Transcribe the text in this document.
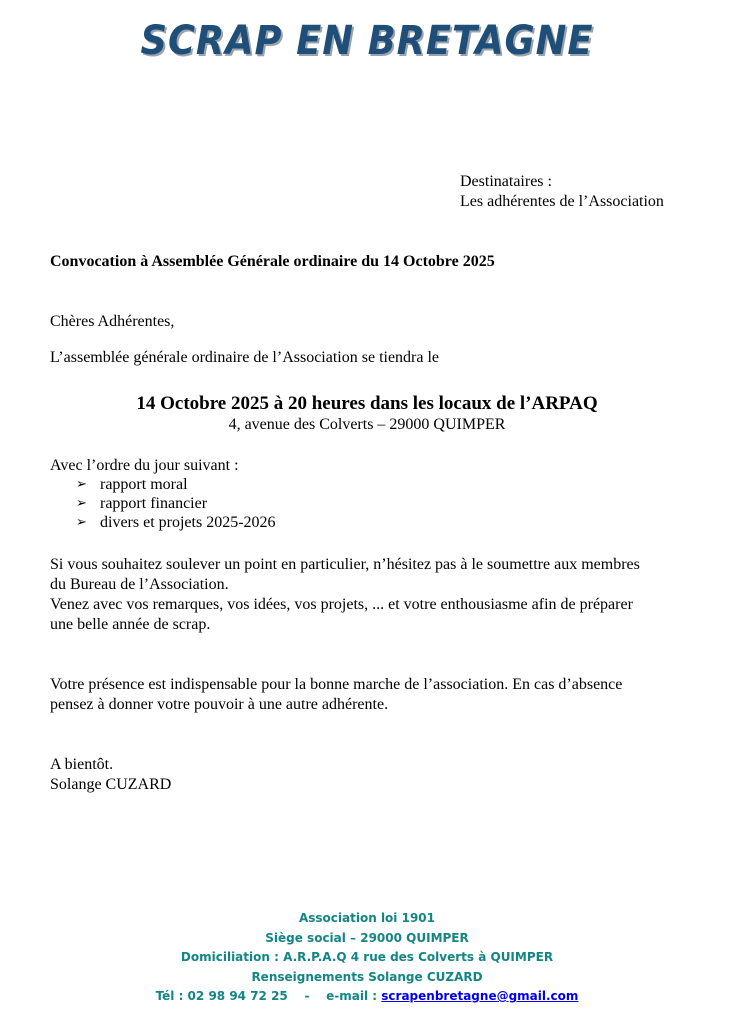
SCRAP EN BRETAGNE
Destinataires :
Les adhérentes de l’Association
Convocation à Assemblée Générale ordinaire du 14 Octobre 2025
Chères Adhérentes,
L’assemblée générale ordinaire de l’Association se tiendra le
14 Octobre 2025 à 20 heures dans les locaux de l’ARPAQ
4, avenue des Colverts – 29000 QUIMPER
Avec l’ordre du jour suivant :
➢ rapport moral
➢ rapport financier
➢ divers et projets 2025-2026
Si vous souhaitez soulever un point en particulier, n’hésitez pas à le soumettre aux membres
du Bureau de l’Association.
Venez avec vos remarques, vos idées, vos projets, ... et votre enthousiasme afin de préparer
une belle année de scrap.
Votre présence est indispensable pour la bonne marche de l’association. En cas d’absence
pensez à donner votre pouvoir à une autre adhérente.
A bientôt.
Solange CUZARD
Association loi 1901
Siège social – 29000 QUIMPER
Domiciliation : A.R.P.A.Q 4 rue des Colverts à QUIMPER
Renseignements Solange CUZARD
Tél : 02 98 94 72 25    -    e-mail : scrapenbretagne@gmail.com
